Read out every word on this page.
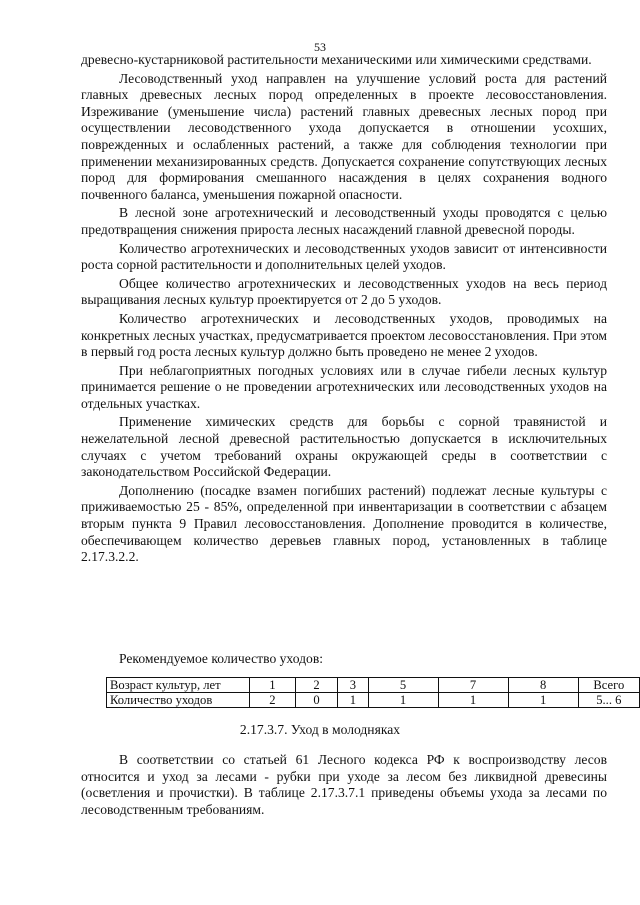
53

древесно-кустарниковой растительности механическими или химическими средствами.

Лесоводственный уход направлен на улучшение условий роста для растений главных древесных лесных пород определенных в проекте лесовосстановления. Изреживание (уменьшение числа) растений главных древесных лесных пород при осуществлении лесоводственного ухода допускается в отношении усохших, поврежденных и ослабленных растений, а также для соблюдения технологии при применении механизированных средств. Допускается сохранение сопутствующих лесных пород для формирования смешанного насаждения в целях сохранения водного почвенного баланса, уменьшения пожарной опасности.

В лесной зоне агротехнический и лесоводственный уходы проводятся с целью предотвращения снижения прироста лесных насаждений главной древесной породы.

Количество агротехнических и лесоводственных уходов зависит от интенсивности роста сорной растительности и дополнительных целей уходов.

Общее количество агротехнических и лесоводственных уходов на весь период выращивания лесных культур проектируется от 2 до 5 уходов.

Количество агротехнических и лесоводственных уходов, проводимых на конкретных лесных участках, предусматривается проектом лесовосстановления. При этом в первый год роста лесных культур должно быть проведено не менее 2 уходов.

При неблагоприятных погодных условиях или в случае гибели лесных культур принимается решение о не проведении агротехнических или лесоводственных уходов на отдельных участках.

Применение химических средств для борьбы с сорной травянистой и нежелательной лесной древесной растительностью допускается в исключительных случаях с учетом требований охраны окружающей среды в соответствии с законодательством Российской Федерации.

Дополнению (посадке взамен погибших растений) подлежат лесные культуры с приживаемостью 25 - 85%, определенной при инвентаризации в соответствии с абзацем вторым пункта 9 Правил лесовосстановления. Дополнение проводится в количестве, обеспечивающем количество деревьев главных пород, установленных в таблице 2.17.3.2.2.

Рекомендуемое количество уходов:
Возраст культур, лет	1	2	3	5	7	8	Всего
Количество уходов	2	0	1	1	1	1	5... 6
2.17.3.7. Уход в молодняках

В соответствии со статьей 61 Лесного кодекса РФ к воспроизводству лесов относится и уход за лесами - рубки при уходе за лесом без ликвидной древесины (осветления и прочистки). В таблице 2.17.3.7.1 приведены объемы ухода за лесами по лесоводственным требованиям.
